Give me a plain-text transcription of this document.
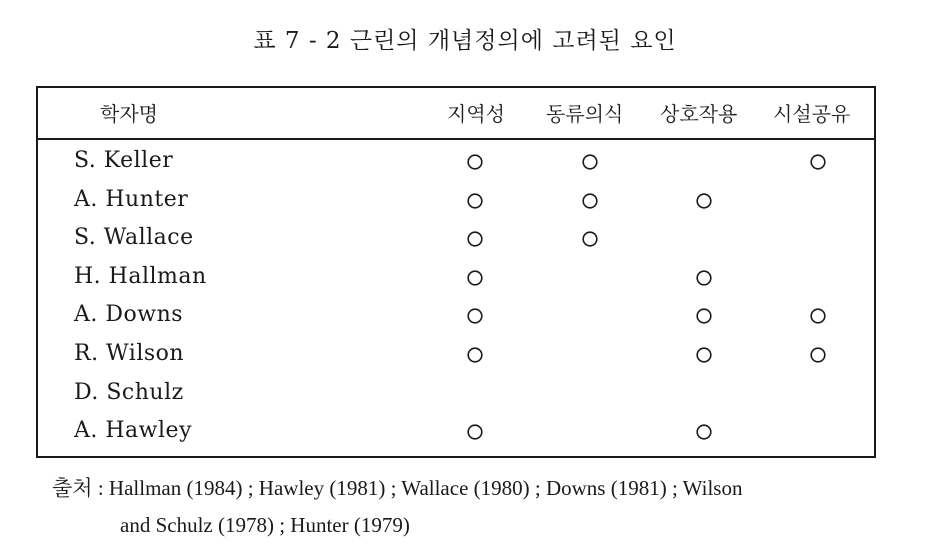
표 7 - 2 근린의 개념정의에 고려된 요인
학자명	지역성 동류의식 상호작용 시설공유
S. Keller
A. Hunter
S. Wallace
H. Hallman
A. Downs
R. Wilson
D. Schulz
A. Hawley
출처 : Hallman (1984) ; Hawley (1981) ; Wallace (1980) ; Downs (1981) ; Wilson
and Schulz (1978) ; Hunter (1979)
